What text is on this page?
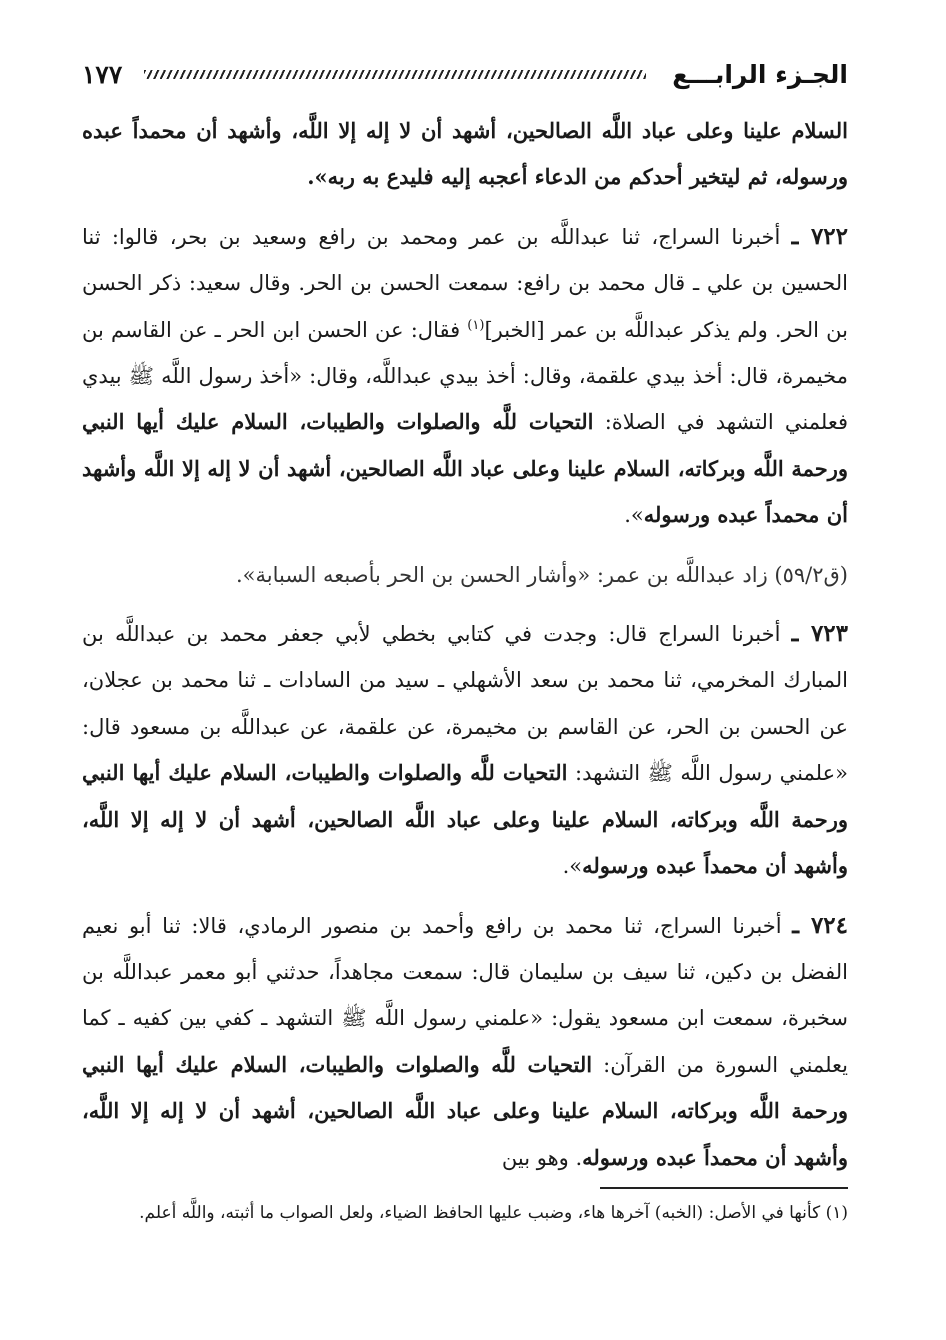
الجـزء الرابـــع
١٧٧

السلام علينا وعلى عباد اللَّه الصالحين، أشهد أن لا إله إلا اللَّه، وأشهد أن محمداً عبده ورسوله، ثم ليتخير أحدكم من الدعاء أعجبه إليه فليدع به ربه».

٧٢٢ ـ أخبرنا السراج، ثنا عبداللَّه بن عمر ومحمد بن رافع وسعيد بن بحر، قالوا: ثنا الحسين بن علي ـ قال محمد بن رافع: سمعت الحسن بن الحر. وقال سعيد: ذكر الحسن بن الحر. ولم يذكر عبداللَّه بن عمر [الخبر]$^{(١)}$ فقال: عن الحسن ابن الحر ـ عن القاسم بن مخيمرة، قال: أخذ بيدي علقمة، وقال: أخذ بيدي عبداللَّه، وقال: «أخذ رسول اللَّه ﷺ بيدي فعلمني التشهد في الصلاة: التحيات للَّه والصلوات والطيبات، السلام عليك أيها النبي ورحمة اللَّه وبركاته، السلام علينا وعلى عباد اللَّه الصالحين، أشهد أن لا إله إلا اللَّه وأشهد أن محمداً عبده ورسوله».

(ق٥٩/٢) زاد عبداللَّه بن عمر: «وأشار الحسن بن الحر بأصبعه السبابة».

٧٢٣ ـ أخبرنا السراج قال: وجدت في كتابي بخطي لأبي جعفر محمد بن عبداللَّه بن المبارك المخرمي، ثنا محمد بن سعد الأشهلي ـ سيد من السادات ـ ثنا محمد بن عجلان، عن الحسن بن الحر، عن القاسم بن مخيمرة، عن علقمة، عن عبداللَّه بن مسعود قال: «علمني رسول اللَّه ﷺ التشهد: التحيات للَّه والصلوات والطيبات، السلام عليك أيها النبي ورحمة اللَّه وبركاته، السلام علينا وعلى عباد اللَّه الصالحين، أشهد أن لا إله إلا اللَّه، وأشهد أن محمداً عبده ورسوله».

٧٢٤ ـ أخبرنا السراج، ثنا محمد بن رافع وأحمد بن منصور الرمادي، قالا: ثنا أبو نعيم الفضل بن دكين، ثنا سيف بن سليمان قال: سمعت مجاهداً، حدثني أبو معمر عبداللَّه بن سخبرة، سمعت ابن مسعود يقول: «علمني رسول اللَّه ﷺ التشهد ـ كفي بين كفيه ـ كما يعلمني السورة من القرآن: التحيات للَّه والصلوات والطيبات، السلام عليك أيها النبي ورحمة اللَّه وبركاته، السلام علينا وعلى عباد اللَّه الصالحين، أشهد أن لا إله إلا اللَّه، وأشهد أن محمداً عبده ورسوله. وهو بين

(١) كأنها في الأصل: (الخبه) آخرها هاء، وضبب عليها الحافظ الضياء، ولعل الصواب ما أثبته، واللَّه أعلم.
